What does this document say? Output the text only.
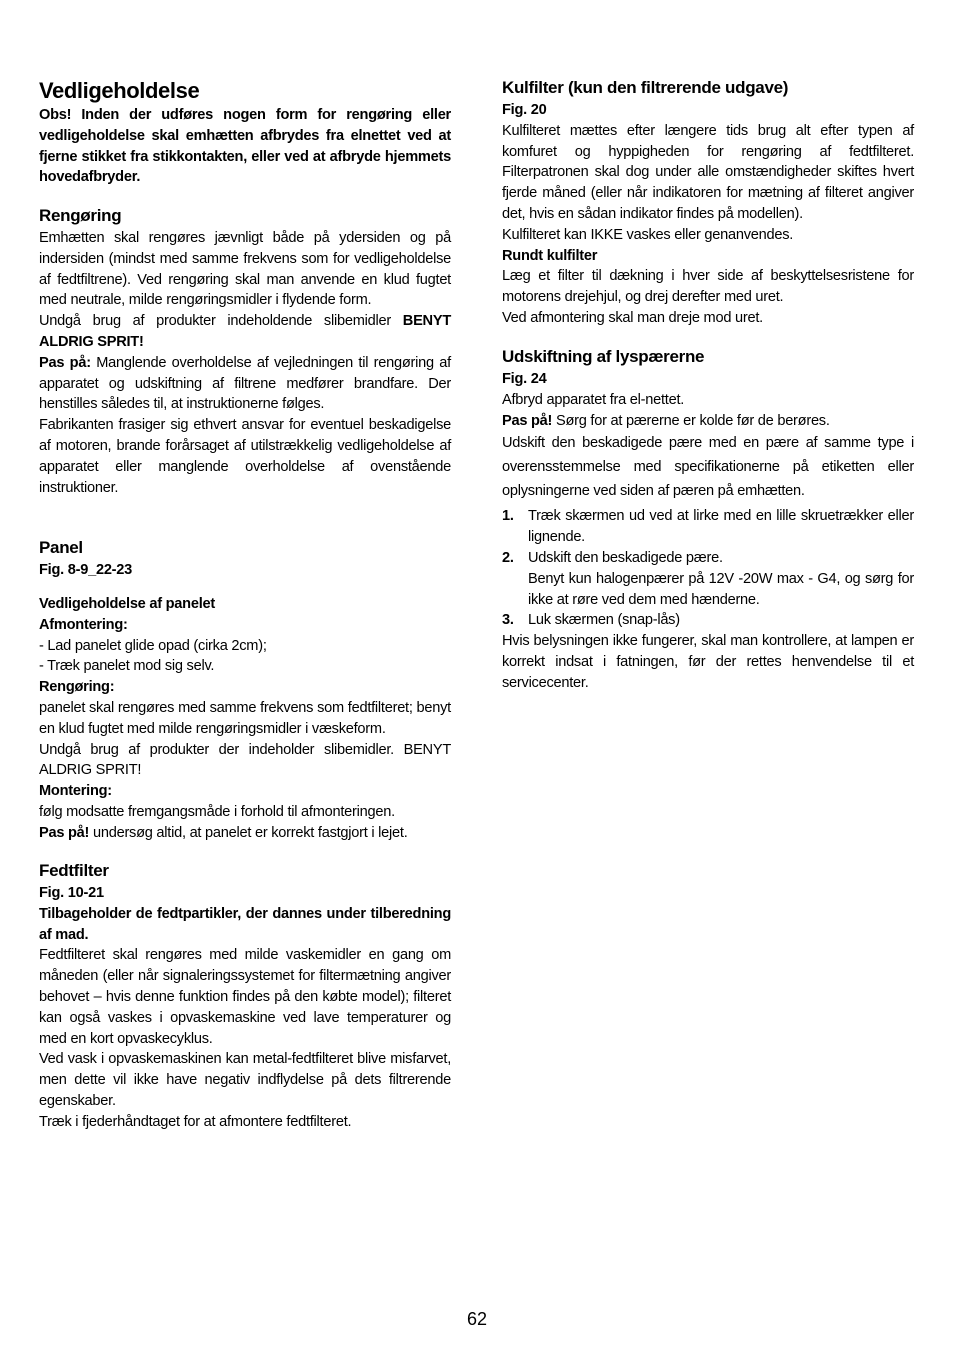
Vedligeholdelse

Obs! Inden der udføres nogen form for rengøring eller vedligeholdelse skal emhætten afbrydes fra elnettet ved at fjerne stikket fra stikkontakten, eller ved at afbryde hjemmets hovedafbryder.

Rengøring

Emhætten skal rengøres jævnligt både på ydersiden og på indersiden (mindst med samme frekvens som for vedligeholdelse af fedtfiltrene). Ved rengøring skal man anvende en klud fugtet med neutrale, milde rengøringsmidler i flydende form.

Undgå brug af produkter indeholdende slibemidler BENYT ALDRIG SPRIT!

Pas på: Manglende overholdelse af vejledningen til rengøring af apparatet og udskiftning af filtrene medfører brandfare. Der henstilles således til, at instruktionerne følges.

Fabrikanten frasiger sig ethvert ansvar for eventuel beskadigelse af motoren, brande forårsaget af utilstrækkelig vedligeholdelse af apparatet eller manglende overholdelse af ovenstående instruktioner.

Panel

Fig. 8-9_22-23

Vedligeholdelse af panelet

Afmontering:

- Lad panelet glide opad (cirka 2cm);

- Træk panelet mod sig selv.

Rengøring:

panelet skal rengøres med samme frekvens som fedtfilteret; benyt en klud fugtet med milde rengøringsmidler i væskeform.

Undgå brug af produkter der indeholder slibemidler. BENYT ALDRIG SPRIT!

Montering:

følg modsatte fremgangsmåde i forhold til afmonteringen.

Pas på! undersøg altid, at panelet er korrekt fastgjort i lejet.

Fedtfilter

Fig. 10-21

Tilbageholder de fedtpartikler, der dannes under tilberedning af mad.

Fedtfilteret skal rengøres med milde vaskemidler en gang om måneden (eller når signaleringssystemet for filtermætning angiver behovet – hvis denne funktion findes på den købte model); filteret kan også vaskes i opvaskemaskine ved lave temperaturer og med en kort opvaskecyklus.

Ved vask i opvaskemaskinen kan metal-fedtfilteret blive misfarvet, men dette vil ikke have negativ indflydelse på dets filtrerende egenskaber.

Træk i fjederhåndtaget for at afmontere fedtfilteret.

Kulfilter (kun den filtrerende udgave)

Fig. 20

Kulfilteret mættes efter længere tids brug alt efter typen af komfuret og hyppigheden for rengøring af fedtfilteret. Filterpatronen skal dog under alle omstændigheder skiftes hvert fjerde måned (eller når indikatoren for mætning af filteret angiver det, hvis en sådan indikator findes på modellen).

Kulfilteret kan IKKE vaskes eller genanvendes.

Rundt kulfilter

Læg et filter til dækning i hver side af beskyttelsesristene for motorens drejehjul, og drej derefter med uret.

Ved afmontering skal man dreje mod uret.

Udskiftning af lyspærerne

Fig. 24

Afbryd apparatet fra el-nettet.

Pas på! Sørg for at pærerne er kolde før de berøres.

Udskift den beskadigede pære med en pære af samme type i overensstemmelse med specifikationerne på etiketten eller oplysningerne ved siden af pæren på emhætten.

1. Træk skærmen ud ved at lirke med en lille skruetrækker eller lignende.
2. Udskift den beskadigede pære.
Benyt kun halogenpærer på 12V -20W max - G4, og sørg for ikke at røre ved dem med hænderne.
3. Luk skærmen (snap-lås)

Hvis belysningen ikke fungerer, skal man kontrollere, at lampen er korrekt indsat i fatningen, før der rettes henvendelse til et servicecenter.

62
